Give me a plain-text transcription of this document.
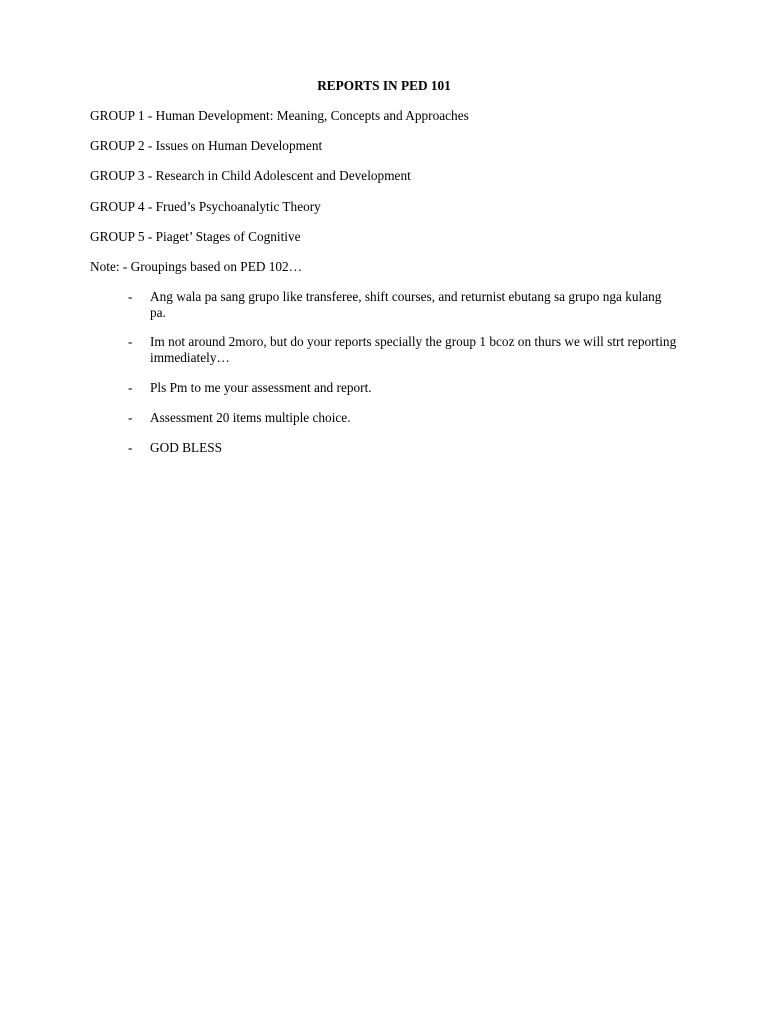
REPORTS IN PED 101
GROUP 1 - Human Development: Meaning, Concepts and Approaches
GROUP 2 - Issues on Human Development
GROUP 3 - Research in Child Adolescent and Development
GROUP 4 - Frued’s Psychoanalytic Theory
GROUP 5 - Piaget’ Stages of Cognitive
Note: - Groupings based on PED 102…
- Ang wala pa sang grupo like transferee, shift courses, and returnist ebutang sa grupo nga kulang pa.
- Im not around 2moro, but do your reports specially the group 1 bcoz on thurs we will strt reporting immediately…
- Pls Pm to me your assessment and report.
- Assessment 20 items multiple choice.
- GOD BLESS
